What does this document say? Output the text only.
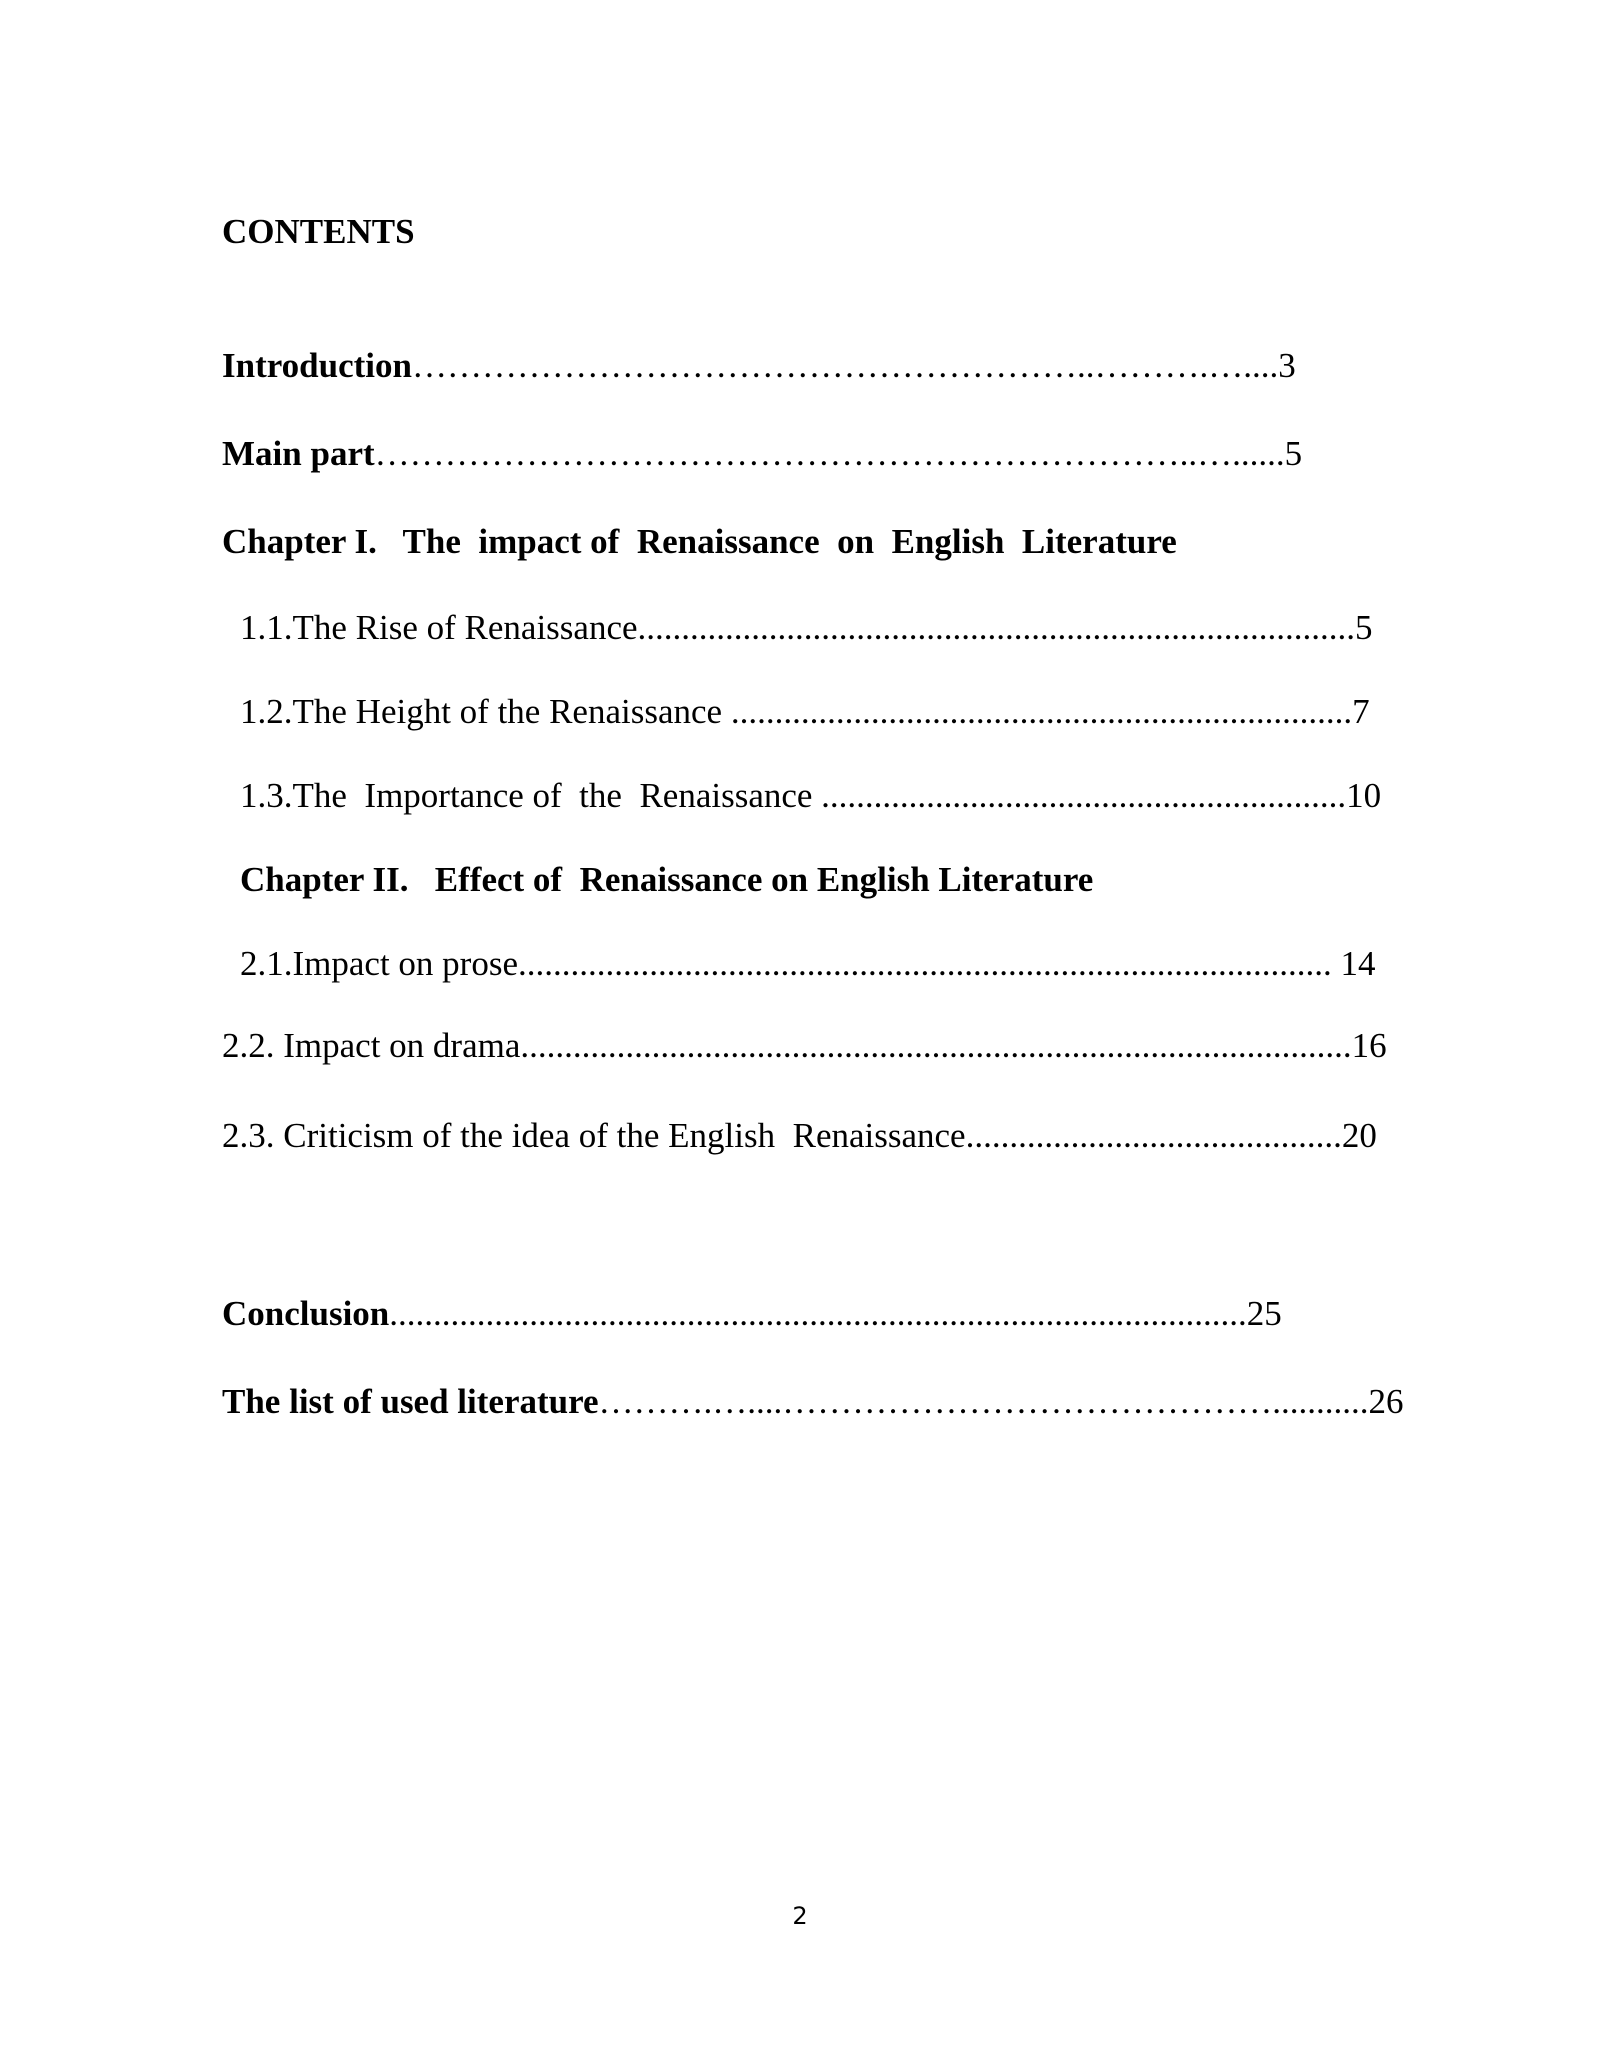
CONTENTS
Introduction…………………………………………………..……….…....3
Main part……………………………………………………………..…......5
Chapter I.   The  impact of  Renaissance  on  English  Literature
1.1.The Rise of Renaissance..................................................................................5
1.2.The Height of the Renaissance .......................................................................7
1.3.The  Importance of  the  Renaissance ............................................................10
Chapter II.   Effect of  Renaissance on English Literature
2.1.Impact on prose............................................................................................. 14
2.2. Impact on drama...............................................................................................16
2.3. Criticism of the idea of the English  Renaissance...........................................20
Conclusion..................................................................................................25
The list of used literature……….…....……………………………………...........26
2
